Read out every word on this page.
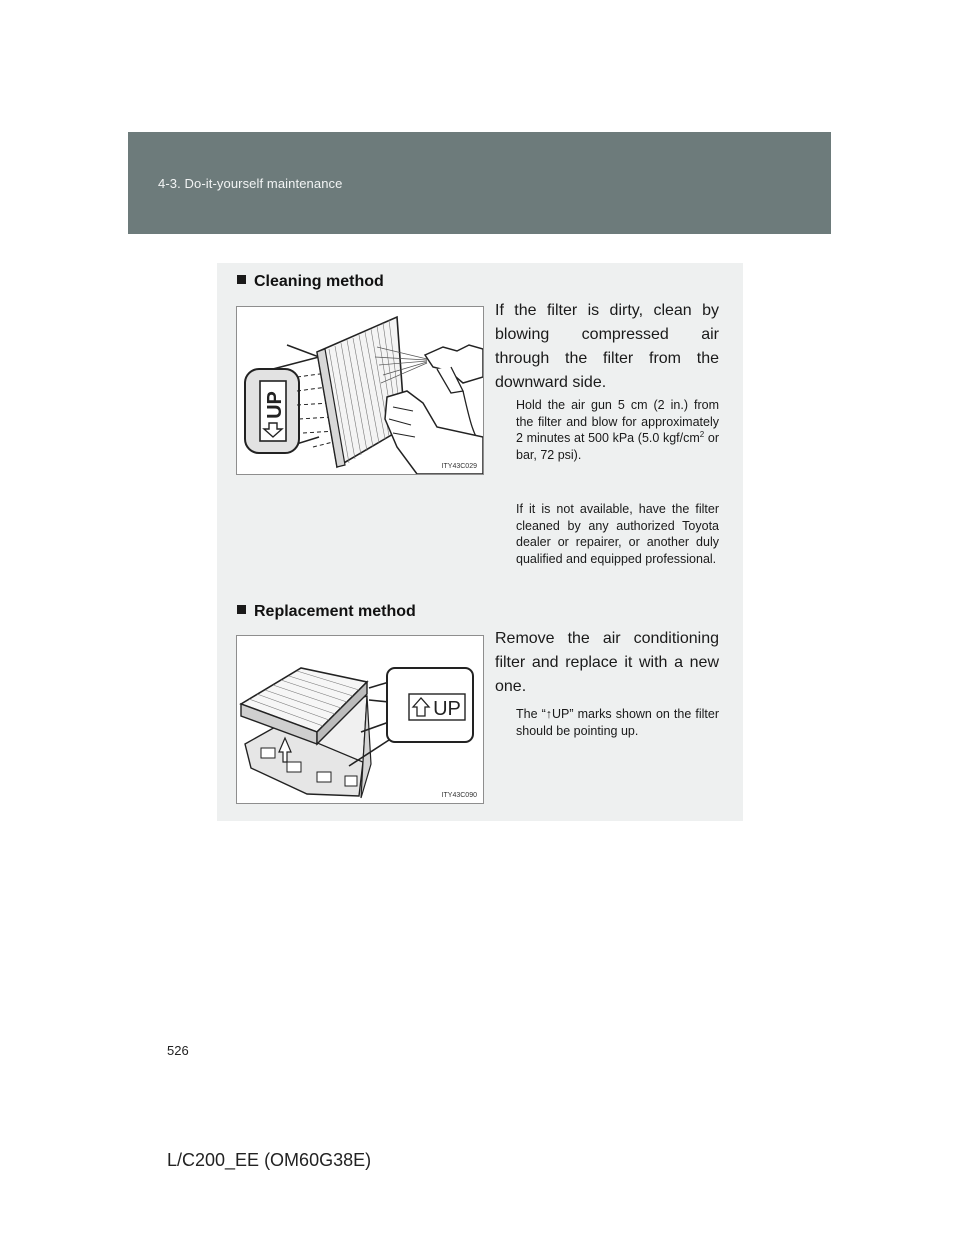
4-3. Do-it-yourself maintenance
Cleaning method
UP
ITY43C029
If the filter is dirty, clean by blowing compressed air through the filter from the downward side.
Hold the air gun 5 cm (2 in.) from the filter and blow for approximately 2 minutes at 500 kPa (5.0 kgf/$cm^2$ or bar, 72 psi).
If it is not available, have the filter cleaned by any authorized Toyota dealer or repairer, or another duly qualified and equipped professional.
Replacement method
UP
ITY43C090
Remove the air conditioning filter and replace it with a new one.
The “↑UP” marks shown on the filter should be pointing up.
526
L/C200_EE (OM60G38E)
